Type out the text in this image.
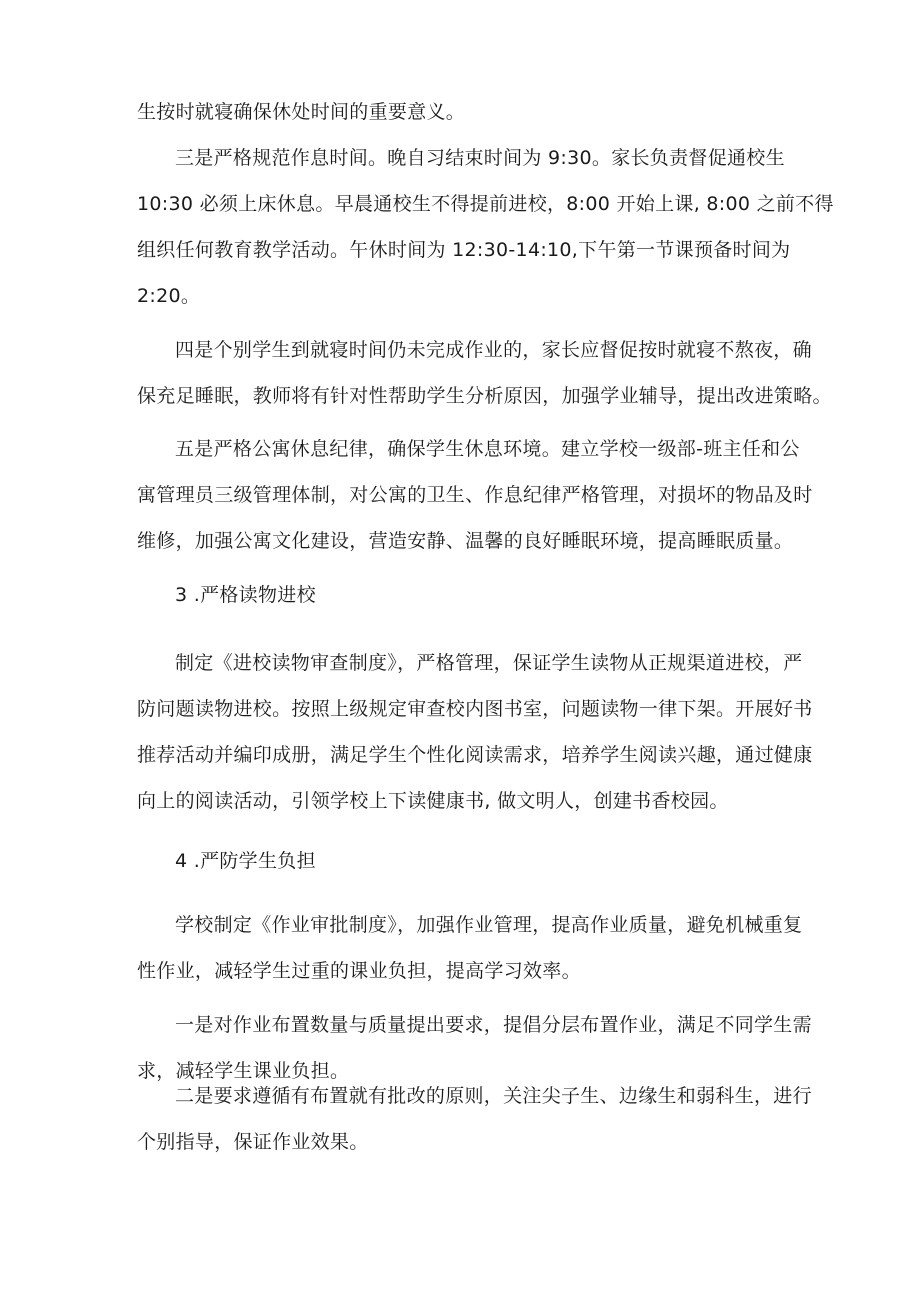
生按时就寝确保休处时间的重要意义。
三是严格规范作息时间。晚自习结束时间为 9:30。家长负责督促通校生
10:30 必须上床休息。早晨通校生不得提前进校，8:00 开始上课, 8:00 之前不得
组织任何教育教学活动。午休时间为 12:30-14:10,下午第一节课预备时间为
2:20。
四是个别学生到就寝时间仍未完成作业的，家长应督促按时就寝不熬夜，确
保充足睡眠，教师将有针对性帮助学生分析原因，加强学业辅导，提出改进策略。
五是严格公寓休息纪律，确保学生休息环境。建立学校一级部-班主任和公
寓管理员三级管理体制，对公寓的卫生、作息纪律严格管理，对损坏的物品及时
维修，加强公寓文化建设，营造安静、温馨的良好睡眠环境，提高睡眠质量。
3 .严格读物进校
制定《进校读物审查制度》，严格管理，保证学生读物从正规渠道进校，严
防问题读物进校。按照上级规定审查校内图书室，问题读物一律下架。开展好书
推荐活动并编印成册，满足学生个性化阅读需求，培养学生阅读兴趣，通过健康
向上的阅读活动，引领学校上下读健康书, 做文明人，创建书香校园。
4 .严防学生负担
学校制定《作业审批制度》，加强作业管理，提高作业质量，避免机械重复
性作业，减轻学生过重的课业负担，提高学习效率。
一是对作业布置数量与质量提出要求，提倡分层布置作业，满足不同学生需
求，减轻学生课业负担。
二是要求遵循有布置就有批改的原则，关注尖子生、边缘生和弱科生，进行
个别指导，保证作业效果。
